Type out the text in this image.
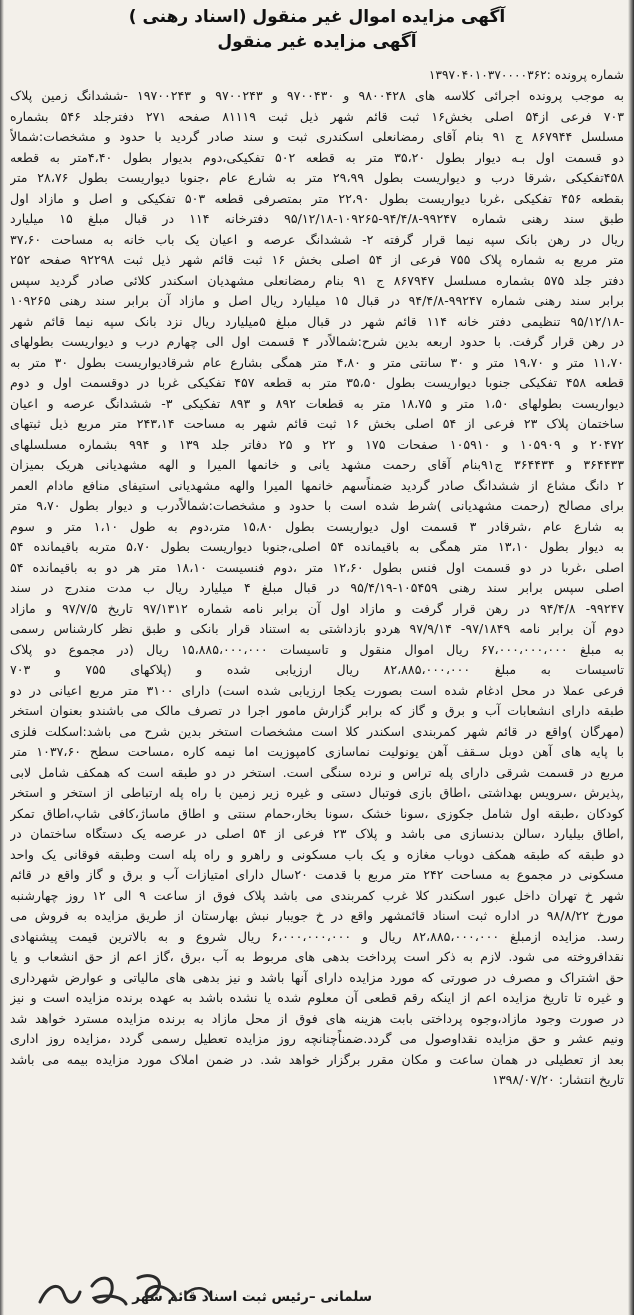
آگهی مزایده اموال غیر منقول (اسناد رهنی )
آگهی مزایده غیر منقول
شماره پرونده :۱۳۹۷۰۴۰۱۰۳۷۰۰۰۰۳۶۲
به موجب پرونده اجرائی کلاسه های ۹۸۰۰۴۲۸ و ۹۷۰۰۴۳۰ و ۹۷۰۰۲۴۳ و ۱۹۷۰۰۲۴۳ -ششدانگ زمین پلاک
۷۰۳ فرعی از۵۴ اصلی بخش۱۶ ثبت قائم شهر ذیل ثبت ۸۱۱۱۹ صفحه ۲۷۱ دفترجلد ۵۴۶ بشماره
مسلسل ۸۶۷۹۴۴ ج ۹۱ بنام آقای رمضانعلی اسکندری ثبت و سند صادر گردید با حدود و مشخصات:شمالاً
دو قسمت اول بـه دیوار بطول ۳۵،۲۰ متر به قطعه ۵۰۲ تفکیکی،دوم بدیوار بطول ۴،۴۰متر به قطعه
۴۵۸تفکیکی ،شرقا درب و دیواریست بطول ۲۹،۹۹ متر به شارع عام ،جنوبا دیواریست بطول ۲۸،۷۶ متر
بقطعه ۴۵۶ تفکیکی ،غربا دیواریست بطول ۲۲،۹۰ متر بمتصرفی قطعه ۵۰۳ تفکیکی و اصل و مازاد اول
طبق سند رهنی شماره ۹۹۲۴۷-۹۴/۴/۸-۱۰۹۲۶۵-۹۵/۱۲/۱۸ دفترخانه ۱۱۴ در قبال مبلغ ۱۵ میلیارد
ریال در رهن بانک سپه نیما قرار گرفته ۲- ششدانگ عرصه و اعیان یک باب خانه به مساحت ۳۷،۶۰
متر مربع به شماره پلاک ۷۵۵ فرعی از ۵۴ اصلی بخش ۱۶ ثبت قائم شهر ذیل ثبت ۹۲۲۹۸ صفحه ۲۵۲
دفتر جلد ۵۷۵ بشماره مسلسل ۸۶۷۹۴۷ ج ۹۱ بنام رمضانعلی مشهدیان اسکندر کلائی صادر گردید سپس
برابر سند رهنی شماره ۹۹۲۴۷-۹۴/۴/۸ در قبال ۱۵ میلیارد ریال اصل و مازاد آن برابر سند رهنی ۱۰۹۲۶۵
-۹۵/۱۲/۱۸ تنظیمی دفتر خانه ۱۱۴ قائم شهر در قبال مبلغ ۵میلیارد ریال نزد بانک سپه نیما قائم شهر
در رهن قرار گرفت. با حدود اربعه بدین شرح:شمالاًدر ۴ قسمت اول الی چهارم درب و دیواریست بطولهای
۱۱،۷۰ متر و ۱۹،۷۰ متر و ۳۰ سانتی متر و ۴،۸۰ متر همگی بشارع عام شرقادیواریست بطول ۳۰ متر به
قطعه ۴۵۸ تفکیکی جنوبا دیواریست بطول ۳۵،۵۰ متر به قطعه ۴۵۷ تفکیکی غربا در دوقسمت اول و دوم
دیواریست بطولهای ۱،۵۰ متر و ۱۸،۷۵ متر به قطعات ۸۹۲ و ۸۹۳ تفکیکی ۳- ششدانگ عرصه و اعیان
ساختمان پلاک ۲۳ فرعی از ۵۴ اصلی بخش ۱۶ ثبت قائم شهر به مساحت ۲۴۳،۱۴ متر مربع ذیل ثبتهای
۲۰۴۷۲ و ۱۰۵۹۰۹ و ۱۰۵۹۱۰ صفحات ۱۷۵ و ۲۲ و ۲۵ دفاتر جلد ۱۳۹ و ۹۹۴ بشماره مسلسلهای
۳۶۴۴۳۳ و ۳۶۴۴۳۴ ج۹۱بنام آقای رحمت مشهد یانی و خانمها المیرا و الهه مشهدیانی هریک بمیزان
۲ دانگ مشاع از ششدانگ صادر گردید ضمناًسهم خانمها المیرا والهه مشهدیانی استیفای منافع مادام العمر
برای مصالح (رحمت مشهدیانی )شرط شده است با حدود و مشخصات:شمالاًدرب و دیوار بطول ۹،۷۰ متر
به شارع عام ،شرقادر ۳ قسمت اول دیواریست بطول ۱۵،۸۰ متر،دوم به طول ۱،۱۰ متر و سوم
به دیوار بطول ۱۳،۱۰ متر همگی به باقیمانده ۵۴ اصلی،جنوبا دیواریست بطول ۵،۷۰ متربه باقیمانده ۵۴
اصلی ،غربا در دو قسمت اول فنس بطول ۱۲،۶۰ متر ،دوم فنسیست ۱۸،۱۰ متر هر دو به باقیمانده ۵۴
اصلی سپس برابر سند رهنی ۱۰۵۴۵۹-۹۵/۴/۱۹ در قبال مبلغ ۴ میلیارد ریال ب مدت مندرج در سند
۹۹۲۴۷- ۹۴/۴/۸ در رهن قرار گرفت و مازاد اول آن برابر نامه شماره ۹۷/۱۳۱۲ تاریخ ۹۷/۷/۵ و مازاد
دوم آن برابر نامه ۹۷/۱۸۴۹- ۹۷/۹/۱۴ هردو بازداشتی به استناد قرار بانکی و طبق نظر کارشناس رسمی
به مبلغ ۶۷،۰۰۰،۰۰۰،۰۰۰ ریال اموال منقول و تاسیسات ۱۵،۸۸۵،۰۰۰،۰۰۰ ریال (در مجموع دو پلاک
تاسیسات به مبلغ ۸۲،۸۸۵،۰۰۰،۰۰۰ ریال ارزیابی شده و (پلاکهای ۷۵۵ و ۷۰۳
فرعی عملا در محل ادغام شده است بصورت یکجا ارزیابی شده است) دارای ۳۱۰۰ متر مربع اعیانی در دو
طبقه دارای انشعابات آب و برق و گاز که برابر گزارش مامور اجرا در تصرف مالک می باشندو بعنوان استخر
(مهرگان )واقع در قائم شهر کمربندی اسکندر کلا است مشخصات استخر بدین شرح می باشد:اسکلت فلزی
با پایه های آهن دوبل سـقف آهن یونولیت نماسازی کامپوزیت اما نیمه کاره ،مساحت سطح ۱۰۳۷،۶۰ متر
مربع در قسمت شرقی دارای پله تراس و نرده سنگی است. استخر در دو طبقه است که همکف شامل لابی
,پذیرش ،سرویس بهداشتی ،اطاق بازی فوتبال دستی و غیره زیر زمین با راه پله ارتباطی از استخر و استخر
کودکان ،طبقه اول شامل جکوزی ،سونا خشک ،سونا بخار،حمام سنتی و اطاق ماساژ،کافی شاپ،اطاق تمکر
,اطاق بیلیارد ،سالن بدنسازی می باشد و پلاک ۲۳ فرعی از ۵۴ اصلی در عرصه یک دستگاه ساختمان در
دو طبقه که طبقه همکف دوباب مغازه و یک باب مسکونی و راهرو و راه پله است وطبقه فوقانی یک واحد
مسکونی در مجموع به مساحت ۲۴۲ متر مربع با قدمت ۲۰سال دارای امتیازات آب و برق و گاز واقع در قائم
شهر خ تهران داخل عبور اسکندر کلا غرب کمربندی می باشد پلاک فوق از ساعت ۹ الی ۱۲ روز چهارشنبه
مورخ ۹۸/۸/۲۲ در اداره ثبت اسناد قائمشهر واقع در خ جویبار نبش بهارستان از طریق مزایده به فروش می
رسد. مزایده ازمبلغ ۸۲،۸۸۵،۰۰۰،۰۰۰ ریال و ۶،۰۰۰،۰۰۰،۰۰۰ ریال شروع و به بالاترین قیمت پیشنهادی
نقدافروخته می شود. لازم به ذکر است پرداخت بدهی های مربوط به آب ،برق ،گاز اعم از حق انشعاب و یا
حق اشتراک و مصرف در صورتی که مورد مزایده دارای آنها باشد و نیز بدهی های مالیاتی و عوارض شهرداری
و غیره تا تاریخ مزایده اعم از اینکه رقم قطعی آن معلوم شده یا نشده باشد به عهده برنده مزایده است و نیز
در صورت وجود مازاد،وجوه پرداختی بابت هزینه های فوق از محل مازاد به برنده مزایده مسترد خواهد شد
ونیم عشر و حق مزایده نقداوصول می گردد.ضمناًچنانچه روز مزایده تعطیل رسمی گردد ،مزایده روز اداری
بعد از تعطیلی در همان ساعت و مکان مقرر برگزار خواهد شد. در ضمن املاک مورد مزایده بیمه می باشد
تاریخ انتشار: ۱۳۹۸/۰۷/۲۰
سلمانی –رئیس ثبت اسناد قائم شهر
